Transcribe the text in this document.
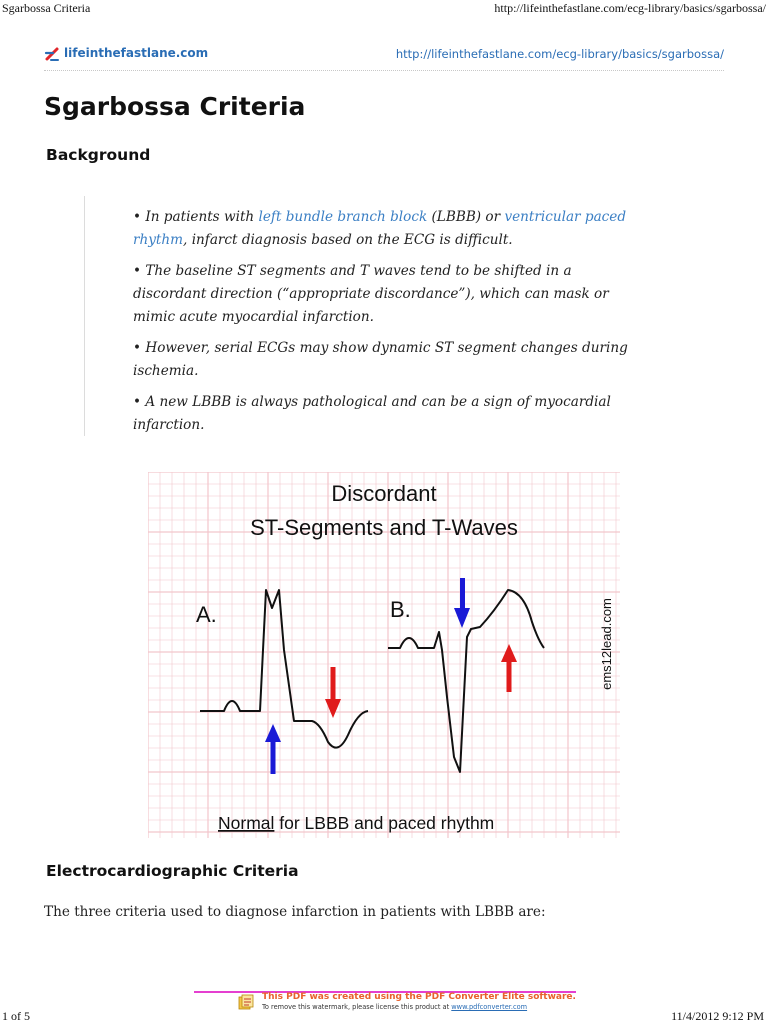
Sgarbossa Criteria	http://lifeinthefastlane.com/ecg-library/basics/sgarbossa/
lifeinthefastlane.com	http://lifeinthefastlane.com/ecg-library/basics/sgarbossa/
Sgarbossa Criteria
Background

• In patients with left bundle branch block (LBBB) or ventricular paced rhythm, infarct diagnosis based on the ECG is difficult.

• The baseline ST segments and T waves tend to be shifted in a discordant direction (“appropriate discordance”), which can mask or mimic acute myocardial infarction.

• However, serial ECGs may show dynamic ST segment changes during ischemia.

• A new LBBB is always pathological and can be a sign of myocardial infarction.

Discordant
ST-Segments and T-Waves
A.	B.	ems12lead.com
Normal for LBBB and paced rhythm
Electrocardiographic Criteria

The three criteria used to diagnose infarction in patients with LBBB are:

This PDF was created using the PDF Converter Elite software.
To remove this watermark, please license this product at www.pdfconverter.com
1 of 5	11/4/2012 9:12 PM
